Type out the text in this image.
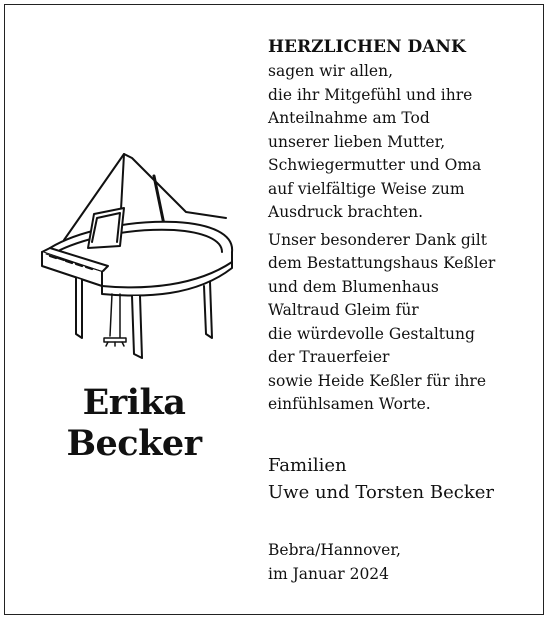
Erika Becker
HERZLICHEN DANK

sagen wir allen,
die ihr Mitgefühl und ihre
Anteilnahme am Tod
unserer lieben Mutter,
Schwiegermutter und Oma
auf vielfältige Weise zum
Ausdruck brachten.

Unser besonderer Dank gilt
dem Bestattungshaus Keßler
und dem Blumenhaus
Waltraud Gleim für
die würdevolle Gestaltung
der Trauerfeier
sowie Heide Keßler für ihre
einfühlsamen Worte.

Familien
Uwe und Torsten Becker
Bebra/Hannover,
im Januar 2024
